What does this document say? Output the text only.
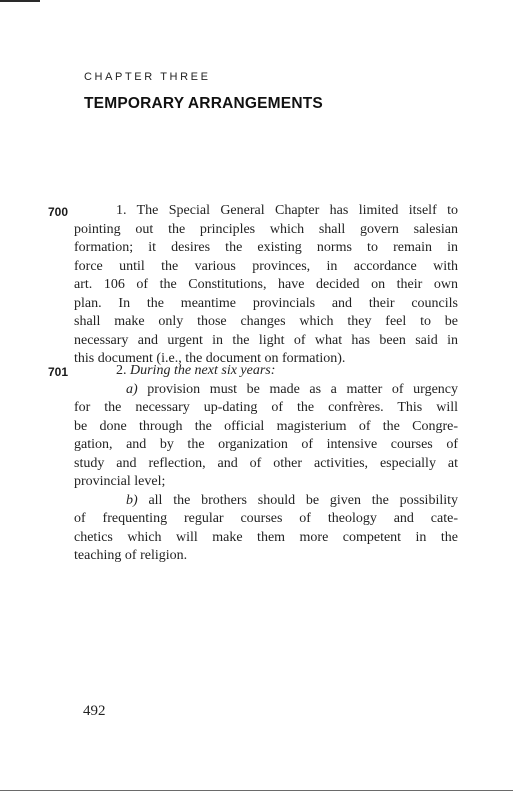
CHAPTER THREE
TEMPORARY ARRANGEMENTS
700	1. The Special General Chapter has limited itself to
pointing out the principles which shall govern salesian
formation; it desires the existing norms to remain in
force until the various provinces, in accordance with
art. 106 of the Constitutions, have decided on their own
plan. In the meantime provincials and their councils
shall make only those changes which they feel to be
necessary and urgent in the light of what has been said in
this document (i.e., the document on formation).
701	2. During the next six years:
a) provision must be made as a matter of urgency
for the necessary up-dating of the confrères. This will
be done through the official magisterium of the Congre-
gation, and by the organization of intensive courses of
study and reflection, and of other activities, especially at
provincial level;
b) all the brothers should be given the possibility
of frequenting regular courses of theology and cate-
chetics which will make them more competent in the
teaching of religion.
492
